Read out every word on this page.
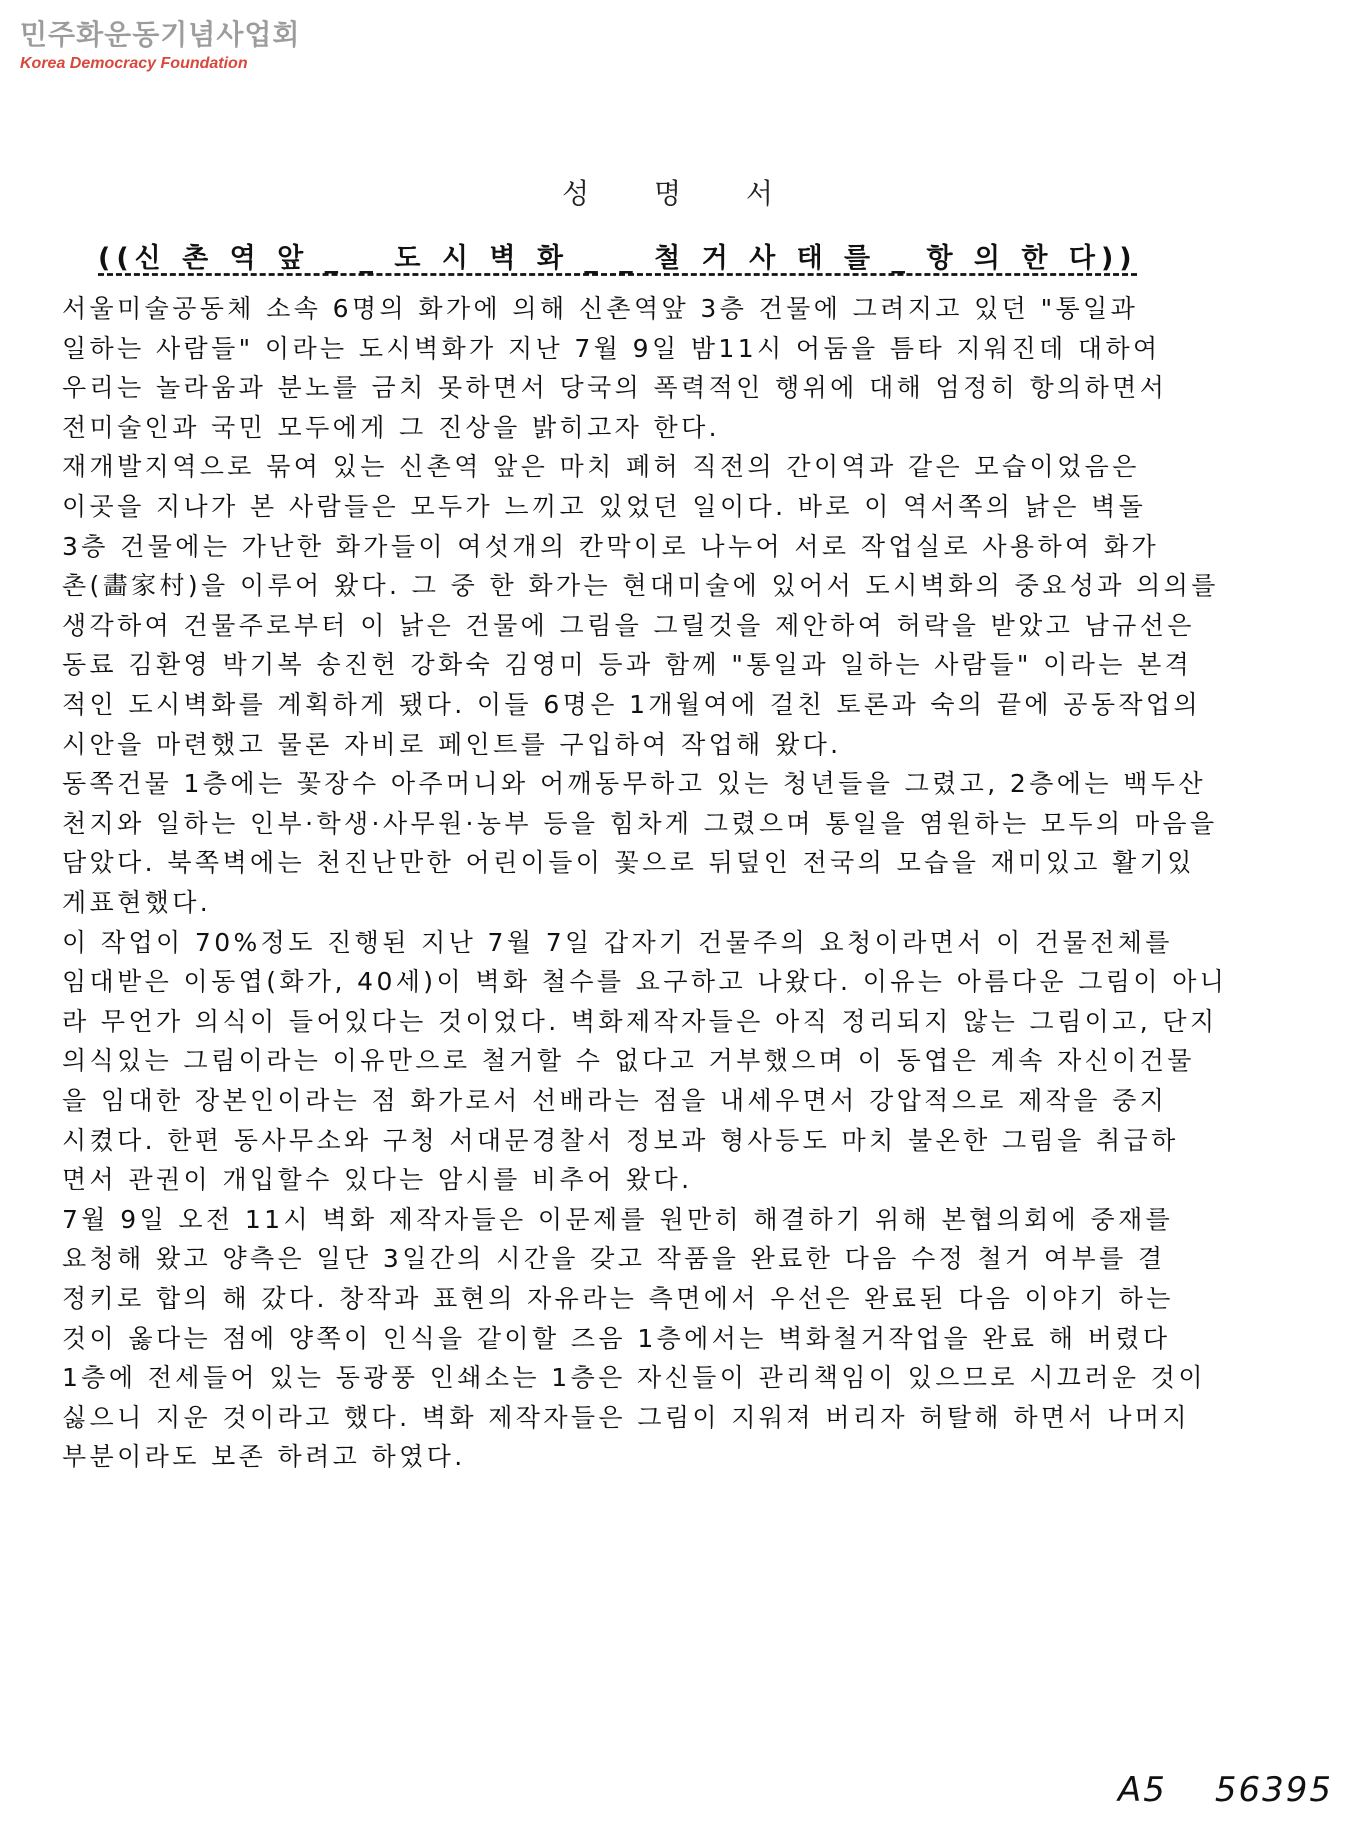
민주화운동기념사업회
Korea Democracy Foundation
성 명 서
((신 촌 역 앞 _ _ 도 시 벽 화 _ _ 철 거 사 태 를 _ 항 의 한 다))
서울미술공동체 소속 6명의 화가에 의해 신촌역앞 3층 건물에 그려지고 있던 "통일과
일하는 사람들" 이라는 도시벽화가 지난 7월 9일 밤11시 어둠을 틈타 지워진데 대하여
우리는 놀라움과 분노를 금치 못하면서 당국의 폭력적인 행위에 대해 엄정히 항의하면서
전미술인과 국민 모두에게 그 진상을 밝히고자 한다.
재개발지역으로 묶여 있는 신촌역 앞은 마치 폐허 직전의 간이역과 같은 모습이었음은
이곳을 지나가 본 사람들은 모두가 느끼고 있었던 일이다. 바로 이 역서쪽의 낡은 벽돌
3층 건물에는 가난한 화가들이 여섯개의 칸막이로 나누어 서로 작업실로 사용하여 화가
촌(畵家村)을 이루어 왔다. 그 중 한 화가는 현대미술에 있어서 도시벽화의 중요성과 의의를
생각하여 건물주로부터 이 낡은 건물에 그림을 그릴것을 제안하여 허락을 받았고 남규선은
동료 김환영 박기복 송진헌 강화숙 김영미 등과 함께 "통일과 일하는 사람들" 이라는 본격
적인 도시벽화를 계획하게 됐다. 이들 6명은 1개월여에 걸친 토론과 숙의 끝에 공동작업의
시안을 마련했고 물론 자비로 페인트를 구입하여 작업해 왔다.
동쪽건물 1층에는 꽃장수 아주머니와 어깨동무하고 있는 청년들을 그렸고, 2층에는 백두산
천지와 일하는 인부·학생·사무원·농부 등을 힘차게 그렸으며 통일을 염원하는 모두의 마음을
담았다. 북쪽벽에는 천진난만한 어린이들이 꽃으로 뒤덮인 전국의 모습을 재미있고 활기있
게표현했다.
이 작업이 70%정도 진행된 지난 7월 7일 갑자기 건물주의 요청이라면서 이 건물전체를
임대받은 이동엽(화가, 40세)이 벽화 철수를 요구하고 나왔다. 이유는 아름다운 그림이 아니
라 무언가 의식이 들어있다는 것이었다. 벽화제작자들은 아직 정리되지 않는 그림이고, 단지
의식있는 그림이라는 이유만으로 철거할 수 없다고 거부했으며 이 동엽은 계속 자신이건물
을 임대한 장본인이라는 점 화가로서 선배라는 점을 내세우면서 강압적으로 제작을 중지
시켰다. 한편 동사무소와 구청 서대문경찰서 정보과 형사등도 마치 불온한 그림을 취급하
면서 관권이 개입할수 있다는 암시를 비추어 왔다.
7월 9일 오전 11시 벽화 제작자들은 이문제를 원만히 해결하기 위해 본협의회에 중재를
요청해 왔고 양측은 일단 3일간의 시간을 갖고 작품을 완료한 다음 수정 철거 여부를 결
정키로 합의 해 갔다. 창작과 표현의 자유라는 측면에서 우선은 완료된 다음 이야기 하는
것이 옳다는 점에 양쪽이 인식을 같이할 즈음 1층에서는 벽화철거작업을 완료 해 버렸다
1층에 전세들어 있는 동광풍 인쇄소는 1층은 자신들이 관리책임이 있으므로 시끄러운 것이
싫으니 지운 것이라고 했다. 벽화 제작자들은 그림이 지워져 버리자 허탈해 하면서 나머지
부분이라도 보존 하려고 하였다.
A5 56395
